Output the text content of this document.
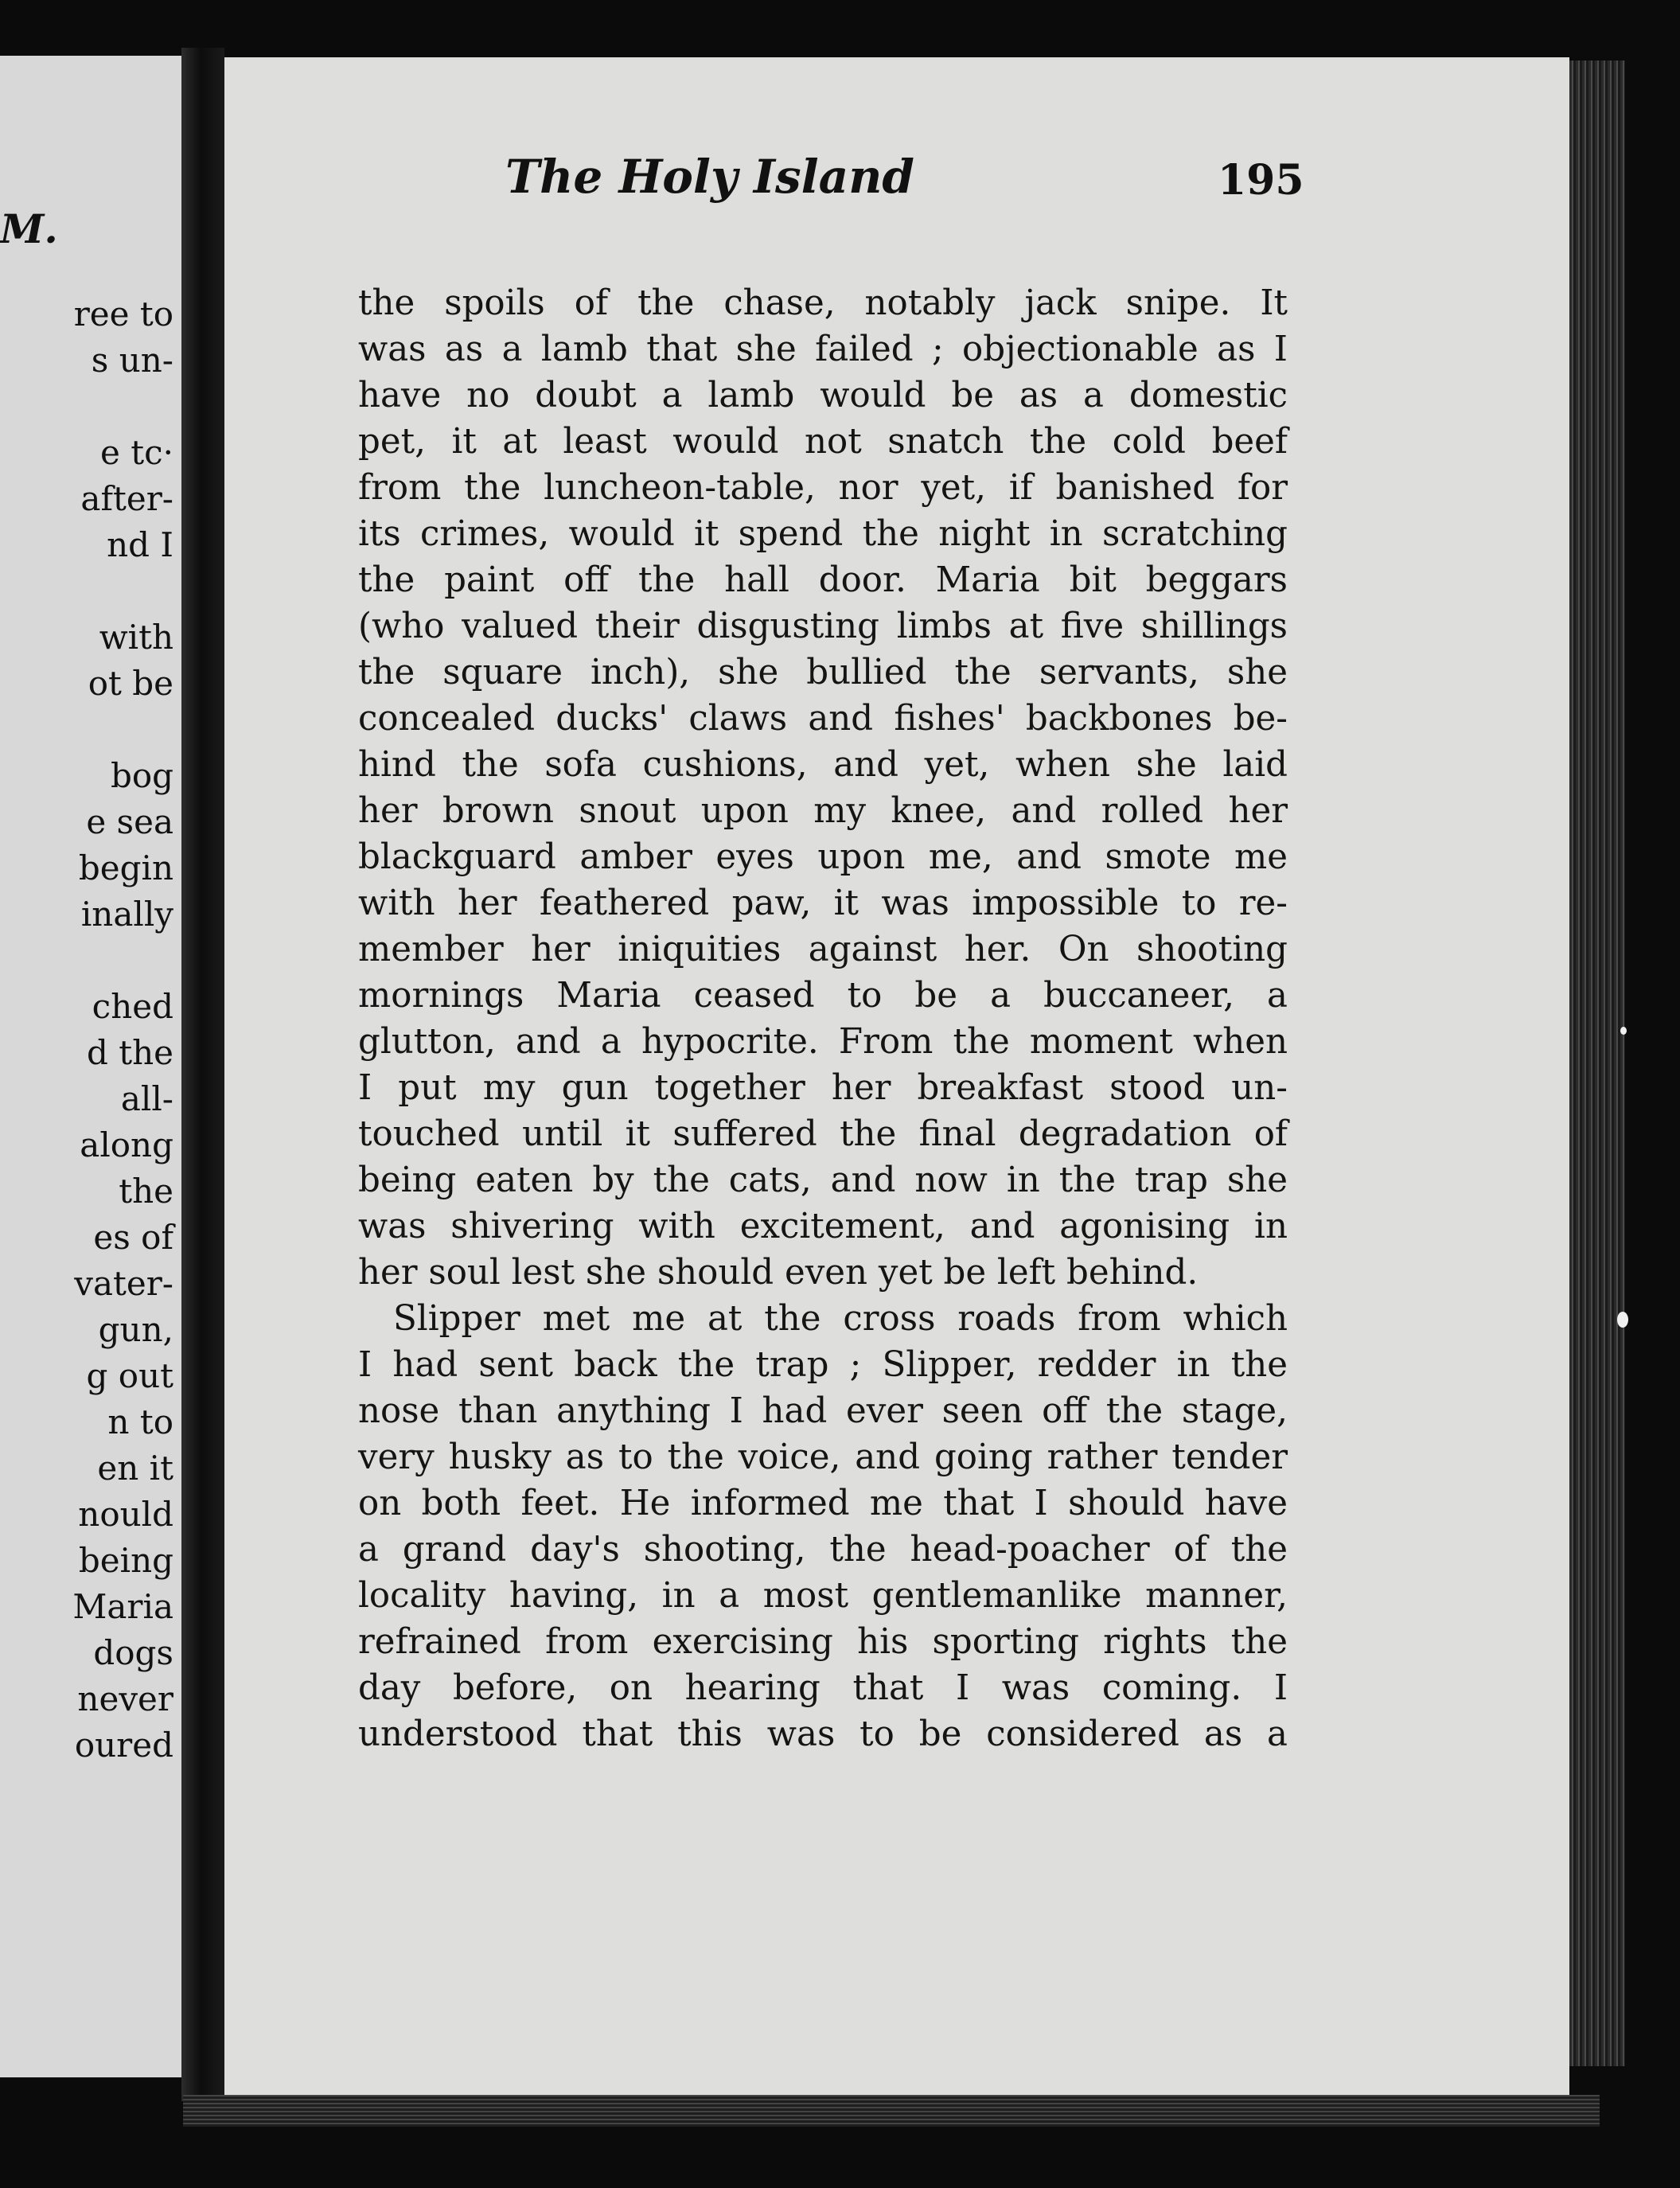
M.
ree to
s un-
e tc·
after-
nd I
with
ot be
bog
e sea
begin
inally
ched
d the
all-
along
the
es of
vater-
gun,
g out
n to
en it
nould
being
Maria
dogs
never
oured
The Holy Island	195
the spoils of the chase, notably jack snipe. It
was as a lamb that she failed ; objectionable as I
have no doubt a lamb would be as a domestic
pet, it at least would not snatch the cold beef
from the luncheon-table, nor yet, if banished for
its crimes, would it spend the night in scratching
the paint off the hall door. Maria bit beggars
(who valued their disgusting limbs at five shillings
the square inch), she bullied the servants, she
concealed ducks' claws and fishes' backbones be-
hind the sofa cushions, and yet, when she laid
her brown snout upon my knee, and rolled her
blackguard amber eyes upon me, and smote me
with her feathered paw, it was impossible to re-
member her iniquities against her. On shooting
mornings Maria ceased to be a buccaneer, a
glutton, and a hypocrite. From the moment when
I put my gun together her breakfast stood un-
touched until it suffered the final degradation of
being eaten by the cats, and now in the trap she
was shivering with excitement, and agonising in
her soul lest she should even yet be left behind.
Slipper met me at the cross roads from which
I had sent back the trap ; Slipper, redder in the
nose than anything I had ever seen off the stage,
very husky as to the voice, and going rather tender
on both feet. He informed me that I should have
a grand day's shooting, the head-poacher of the
locality having, in a most gentlemanlike manner,
refrained from exercising his sporting rights the
day before, on hearing that I was coming. I
understood that this was to be considered as a
